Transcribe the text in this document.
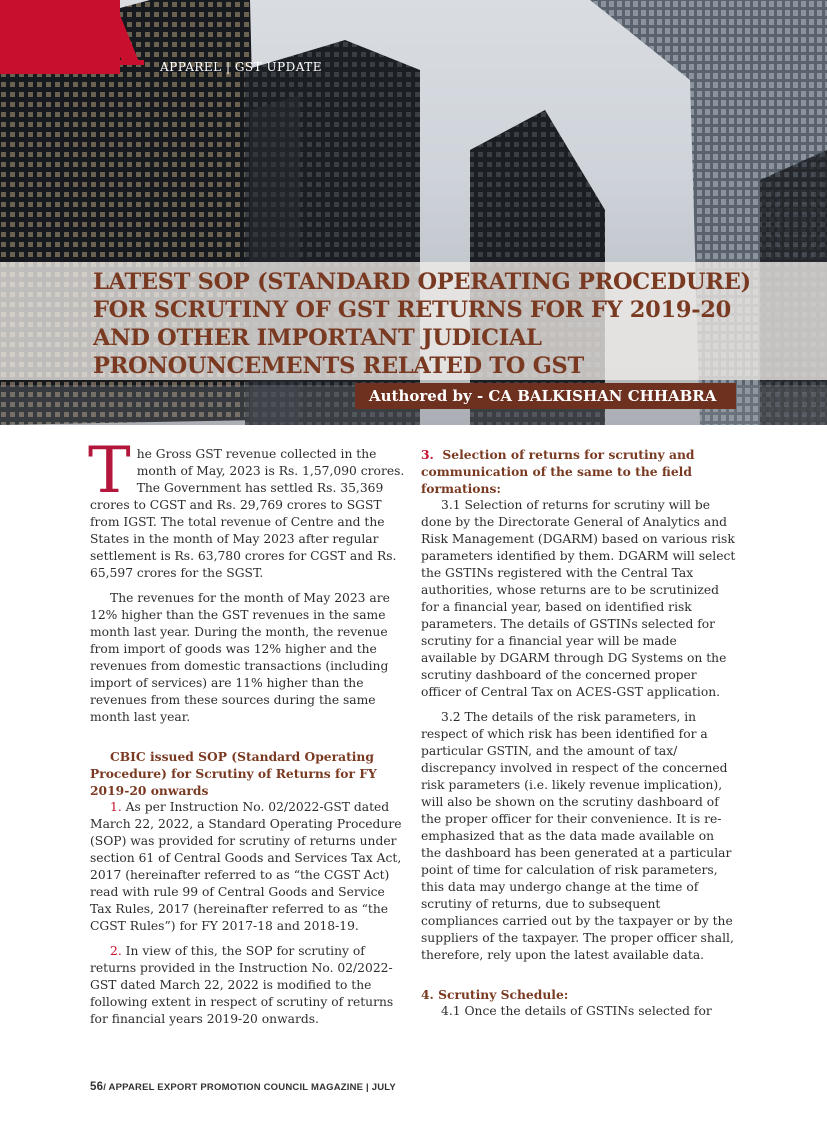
A APPAREL | GST UPDATE
LATEST SOP (STANDARD OPERATING PROCEDURE) FOR SCRUTINY OF GST RETURNS FOR FY 2019-20 AND OTHER IMPORTANT JUDICIAL PRONOUNCEMENTS RELATED TO GST
Authored by - CA BALKISHAN CHHABRA
T he Gross GST revenue collected in the month of May, 2023 is Rs. 1,57,090 crores. The Government has settled Rs. 35,369 crores to CGST and Rs. 29,769 crores to SGST from IGST. The total revenue of Centre and the States in the month of May 2023 after regular settlement is Rs. 63,780 crores for CGST and Rs. 65,597 crores for the SGST.

The revenues for the month of May 2023 are 12% higher than the GST revenues in the same month last year. During the month, the revenue from import of goods was 12% higher and the revenues from domestic transactions (including import of services) are 11% higher than the revenues from these sources during the same month last year.

CBIC issued SOP (Standard Operating Procedure) for Scrutiny of Returns for FY 2019-20 onwards

1. As per Instruction No. 02/2022-GST dated March 22, 2022, a Standard Operating Procedure (SOP) was provided for scrutiny of returns under section 61 of Central Goods and Services Tax Act, 2017 (hereinafter referred to as “the CGST Act) read with rule 99 of Central Goods and Service Tax Rules, 2017 (hereinafter referred to as “the CGST Rules”) for FY 2017-18 and 2018-19.

2. In view of this, the SOP for scrutiny of returns provided in the Instruction No. 02/2022-GST dated March 22, 2022 is modified to the following extent in respect of scrutiny of returns for financial years 2019-20 onwards.

3. Selection of returns for scrutiny and communication of the same to the field formations:

3.1 Selection of returns for scrutiny will be done by the Directorate General of Analytics and Risk Management (DGARM) based on various risk parameters identified by them. DGARM will select the GSTINs registered with the Central Tax authorities, whose returns are to be scrutinized for a financial year, based on identified risk parameters. The details of GSTINs selected for scrutiny for a financial year will be made available by DGARM through DG Systems on the scrutiny dashboard of the concerned proper officer of Central Tax on ACES-GST application.

3.2 The details of the risk parameters, in respect of which risk has been identified for a particular GSTIN, and the amount of tax/ discrepancy involved in respect of the concerned risk parameters (i.e. likely revenue implication), will also be shown on the scrutiny dashboard of the proper officer for their convenience. It is re-emphasized that as the data made available on the dashboard has been generated at a particular point of time for calculation of risk parameters, this data may undergo change at the time of scrutiny of returns, due to subsequent compliances carried out by the taxpayer or by the suppliers of the taxpayer. The proper officer shall, therefore, rely upon the latest available data.

4. Scrutiny Schedule:

4.1 Once the details of GSTINs selected for

56/ APPAREL EXPORT PROMOTION COUNCIL MAGAZINE | JULY
